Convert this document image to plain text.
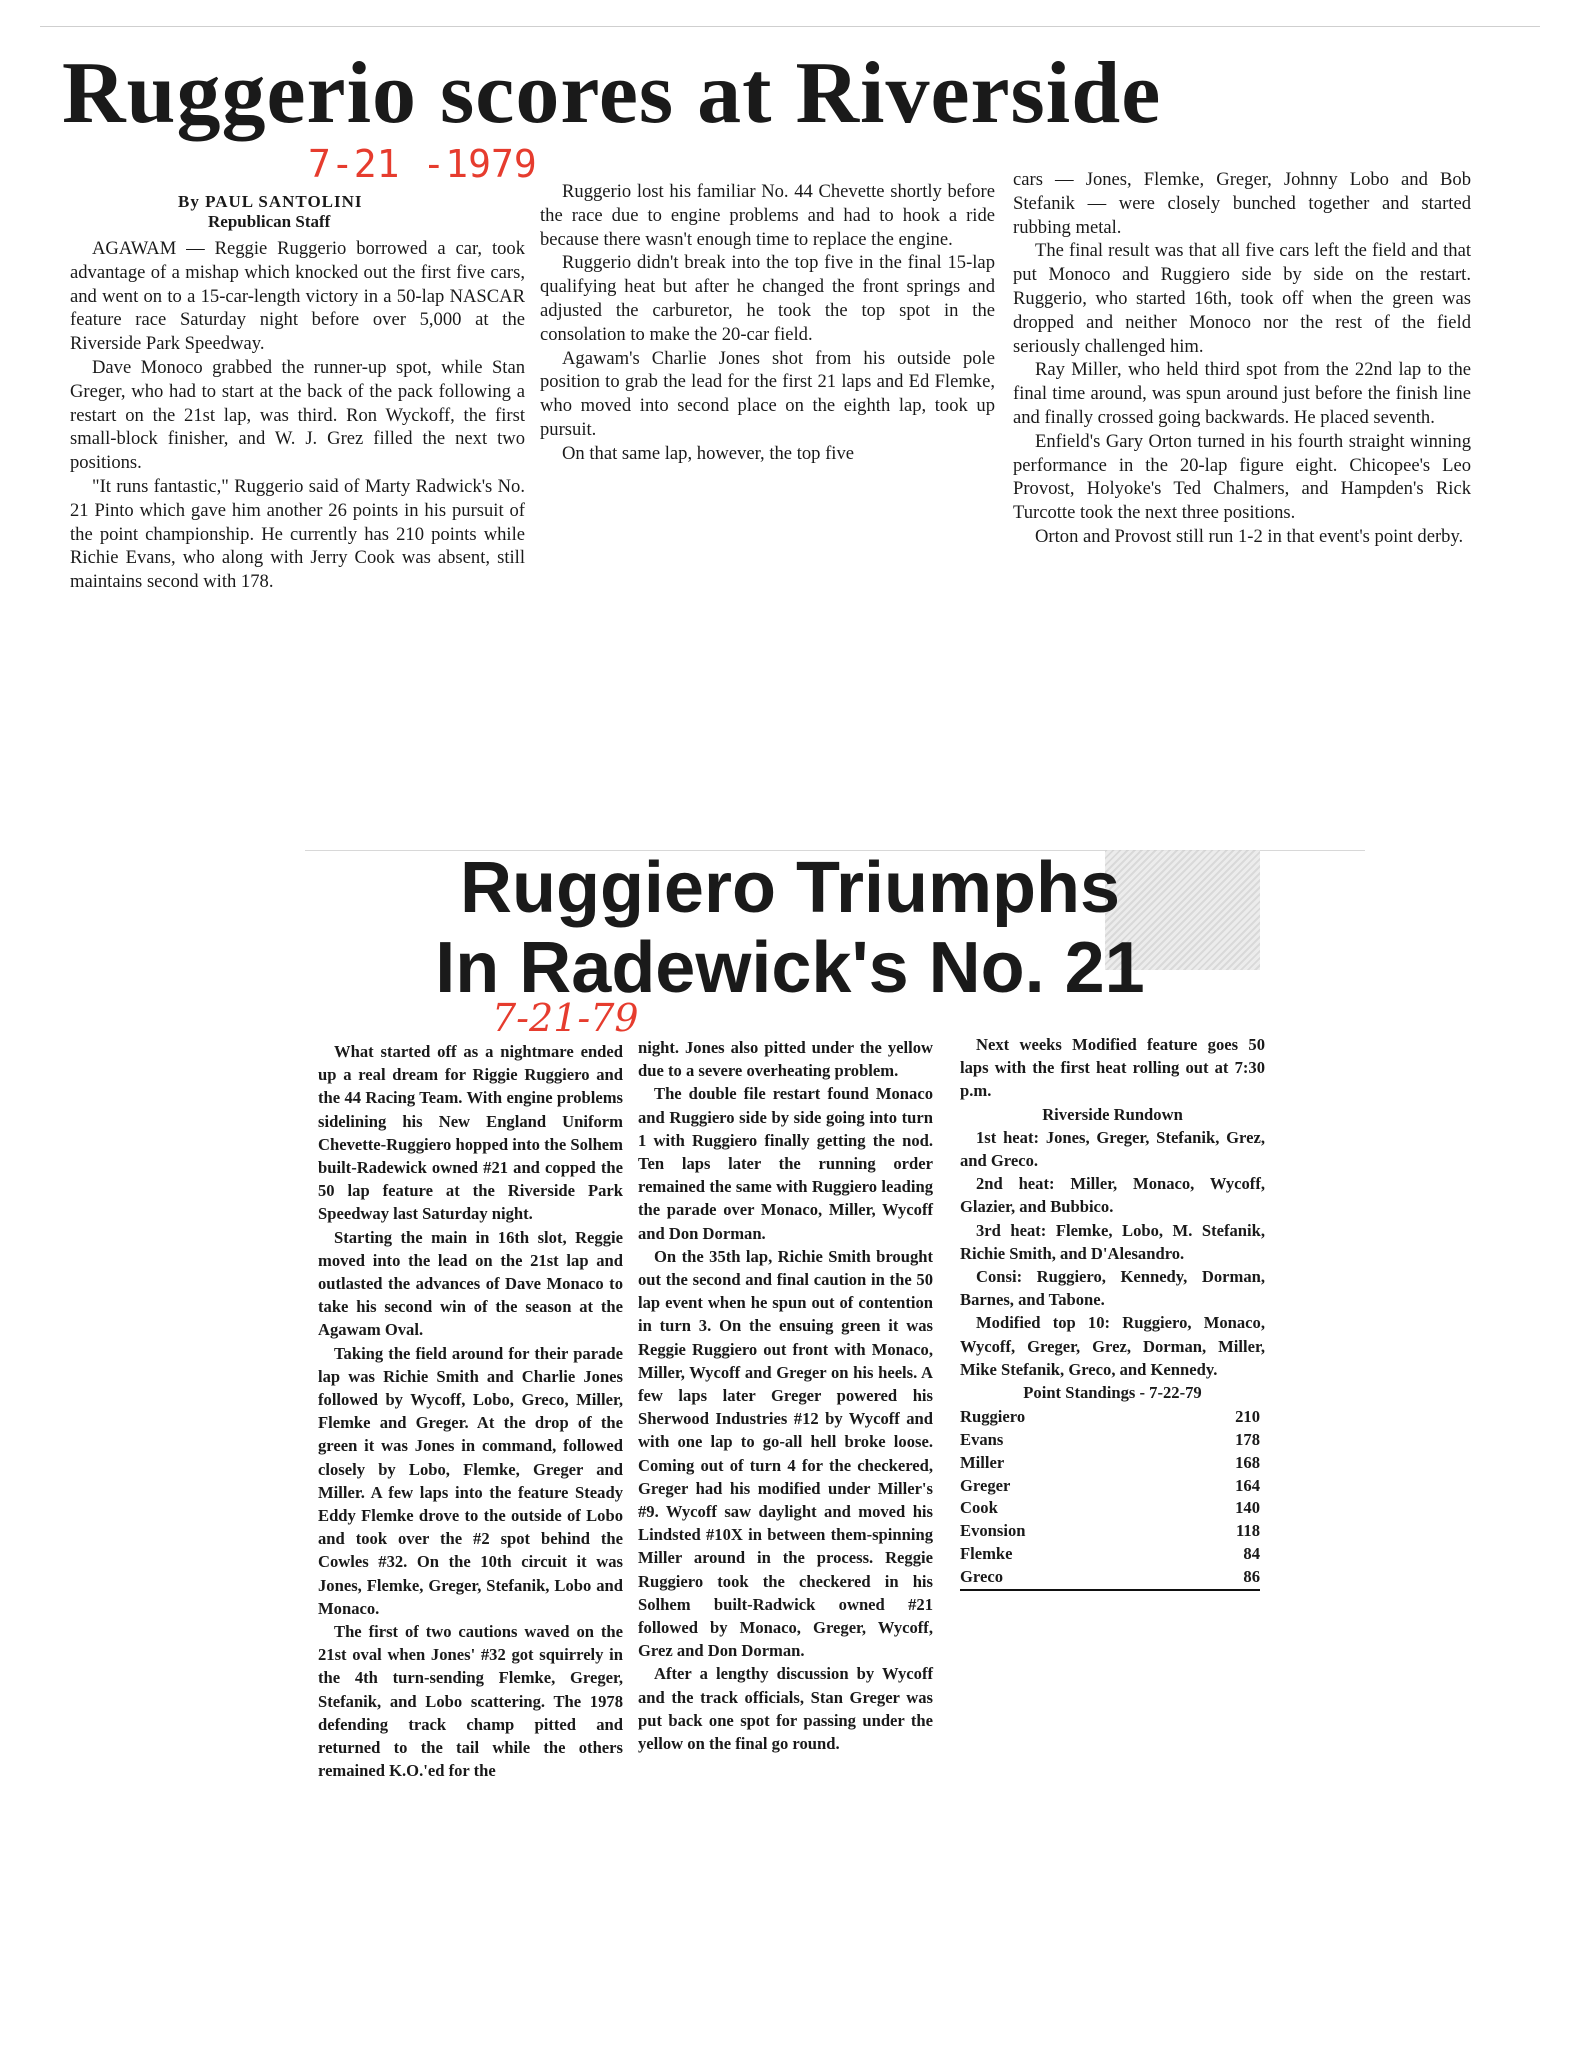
Ruggerio scores at Riverside
7-21 -1979
By PAUL SANTOLINI
Republican Staff

AGAWAM — Reggie Ruggerio borrowed a car, took advantage of a mishap which knocked out the first five cars, and went on to a 15-car-length victory in a 50-lap NASCAR feature race Saturday night before over 5,000 at the Riverside Park Speedway.

Dave Monoco grabbed the runner-up spot, while Stan Greger, who had to start at the back of the pack following a restart on the 21st lap, was third. Ron Wyckoff, the first small-block finisher, and W. J. Grez filled the next two positions.

"It runs fantastic," Ruggerio said of Marty Radwick's No. 21 Pinto which gave him another 26 points in his pursuit of the point championship. He currently has 210 points while Richie Evans, who along with Jerry Cook was absent, still maintains second with 178.

Ruggerio lost his familiar No. 44 Chevette shortly before the race due to engine problems and had to hook a ride because there wasn't enough time to replace the engine.

Ruggerio didn't break into the top five in the final 15-lap qualifying heat but after he changed the front springs and adjusted the carburetor, he took the top spot in the consolation to make the 20-car field.

Agawam's Charlie Jones shot from his outside pole position to grab the lead for the first 21 laps and Ed Flemke, who moved into second place on the eighth lap, took up pursuit.

On that same lap, however, the top five

cars — Jones, Flemke, Greger, Johnny Lobo and Bob Stefanik — were closely bunched together and started rubbing metal.

The final result was that all five cars left the field and that put Monoco and Ruggiero side by side on the restart. Ruggerio, who started 16th, took off when the green was dropped and neither Monoco nor the rest of the field seriously challenged him.

Ray Miller, who held third spot from the 22nd lap to the final time around, was spun around just before the finish line and finally crossed going backwards. He placed seventh.

Enfield's Gary Orton turned in his fourth straight winning performance in the 20-lap figure eight. Chicopee's Leo Provost, Holyoke's Ted Chalmers, and Hampden's Rick Turcotte took the next three positions.

Orton and Provost still run 1-2 in that event's point derby.

Ruggiero Triumphs
In Radewick's No. 21
7-21-79

What started off as a nightmare ended up a real dream for Riggie Ruggiero and the 44 Racing Team. With engine problems sidelining his New England Uniform Chevette-Ruggiero hopped into the Solhem built-Radewick owned #21 and copped the 50 lap feature at the Riverside Park Speedway last Saturday night.

Starting the main in 16th slot, Reggie moved into the lead on the 21st lap and outlasted the advances of Dave Monaco to take his second win of the season at the Agawam Oval.

Taking the field around for their parade lap was Richie Smith and Charlie Jones followed by Wycoff, Lobo, Greco, Miller, Flemke and Greger. At the drop of the green it was Jones in command, followed closely by Lobo, Flemke, Greger and Miller. A few laps into the feature Steady Eddy Flemke drove to the outside of Lobo and took over the #2 spot behind the Cowles #32. On the 10th circuit it was Jones, Flemke, Greger, Stefanik, Lobo and Monaco.

The first of two cautions waved on the 21st oval when Jones' #32 got squirrely in the 4th turn-sending Flemke, Greger, Stefanik, and Lobo scattering. The 1978 defending track champ pitted and returned to the tail while the others remained K.O.'ed for the

night. Jones also pitted under the yellow due to a severe overheating problem.

The double file restart found Monaco and Ruggiero side by side going into turn 1 with Ruggiero finally getting the nod. Ten laps later the running order remained the same with Ruggiero leading the parade over Monaco, Miller, Wycoff and Don Dorman.

On the 35th lap, Richie Smith brought out the second and final caution in the 50 lap event when he spun out of contention in turn 3. On the ensuing green it was Reggie Ruggiero out front with Monaco, Miller, Wycoff and Greger on his heels. A few laps later Greger powered his Sherwood Industries #12 by Wycoff and with one lap to go-all hell broke loose. Coming out of turn 4 for the checkered, Greger had his modified under Miller's #9. Wycoff saw daylight and moved his Lindsted #10X in between them-spinning Miller around in the process. Reggie Ruggiero took the checkered in his Solhem built-Radwick owned #21 followed by Monaco, Greger, Wycoff, Grez and Don Dorman.

After a lengthy discussion by Wycoff and the track officials, Stan Greger was put back one spot for passing under the yellow on the final go round.

Next weeks Modified feature goes 50 laps with the first heat rolling out at 7:30 p.m.

Riverside Rundown

1st heat: Jones, Greger, Stefanik, Grez, and Greco.

2nd heat: Miller, Monaco, Wycoff, Glazier, and Bubbico.

3rd heat: Flemke, Lobo, M. Stefanik, Richie Smith, and D'Alesandro.

Consi: Ruggiero, Kennedy, Dorman, Barnes, and Tabone.

Modified top 10: Ruggiero, Monaco, Wycoff, Greger, Grez, Dorman, Miller, Mike Stefanik, Greco, and Kennedy.

Point Standings - 7-22-79

Ruggiero	210
Evans	178
Miller	168
Greger	164
Cook	140
Evonsion	118
Flemke	84
Greco	86
